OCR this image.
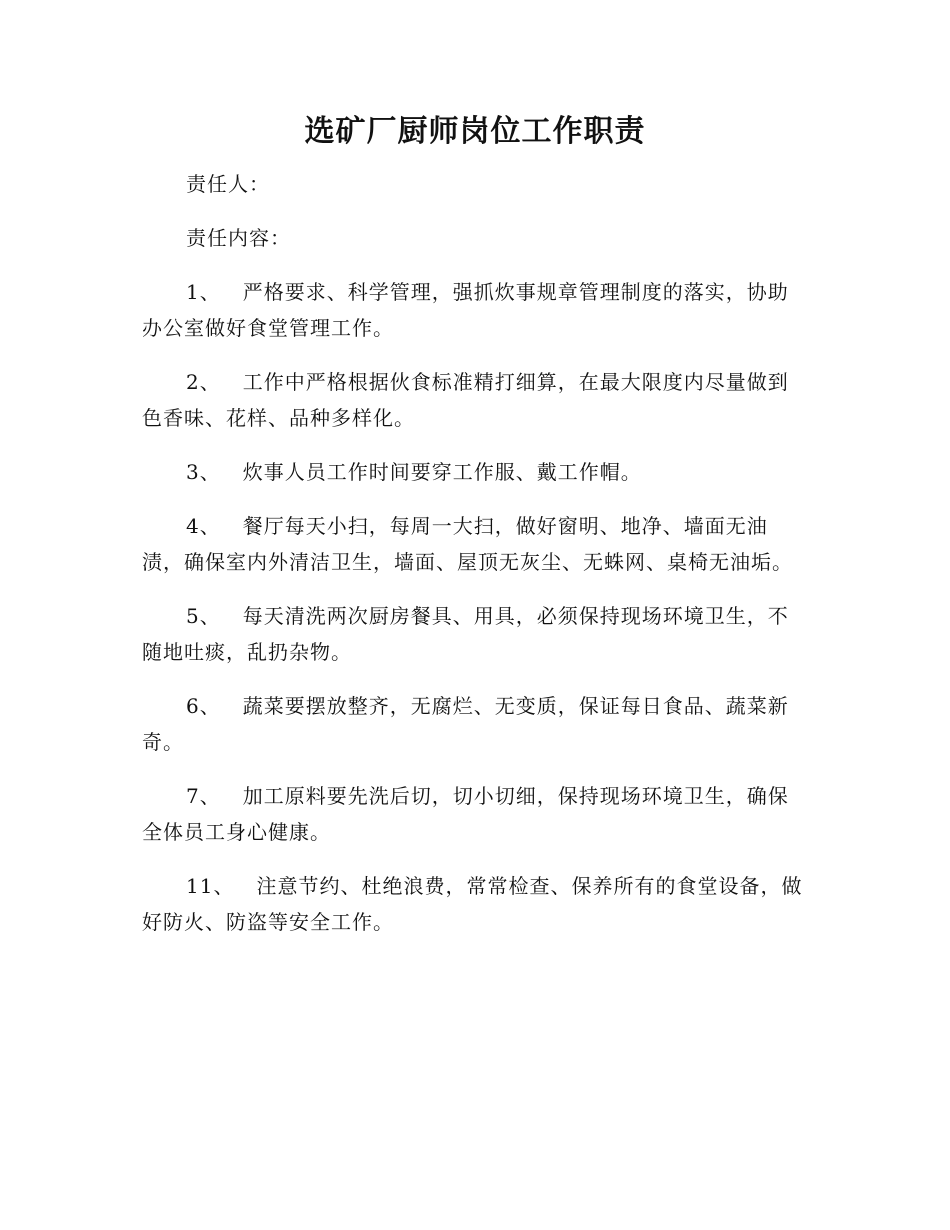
选矿厂厨师岗位工作职责

责任人：

责任内容：

1、 严格要求、科学管理，强抓炊事规章管理制度的落实，协助办公室做好食堂管理工作。

2、 工作中严格根据伙食标准精打细算，在最大限度内尽量做到色香味、花样、品种多样化。

3、 炊事人员工作时间要穿工作服、戴工作帽。

4、 餐厅每天小扫，每周一大扫，做好窗明、地净、墙面无油渍，确保室内外清洁卫生，墙面、屋顶无灰尘、无蛛网、桌椅无油垢。

5、 每天清洗两次厨房餐具、用具，必须保持现场环境卫生，不随地吐痰，乱扔杂物。

6、 蔬菜要摆放整齐，无腐烂、无变质，保证每日食品、蔬菜新奇。

7、 加工原料要先洗后切，切小切细，保持现场环境卫生，确保全体员工身心健康。

11、 注意节约、杜绝浪费，常常检查、保养所有的食堂设备，做好防火、防盗等安全工作。
